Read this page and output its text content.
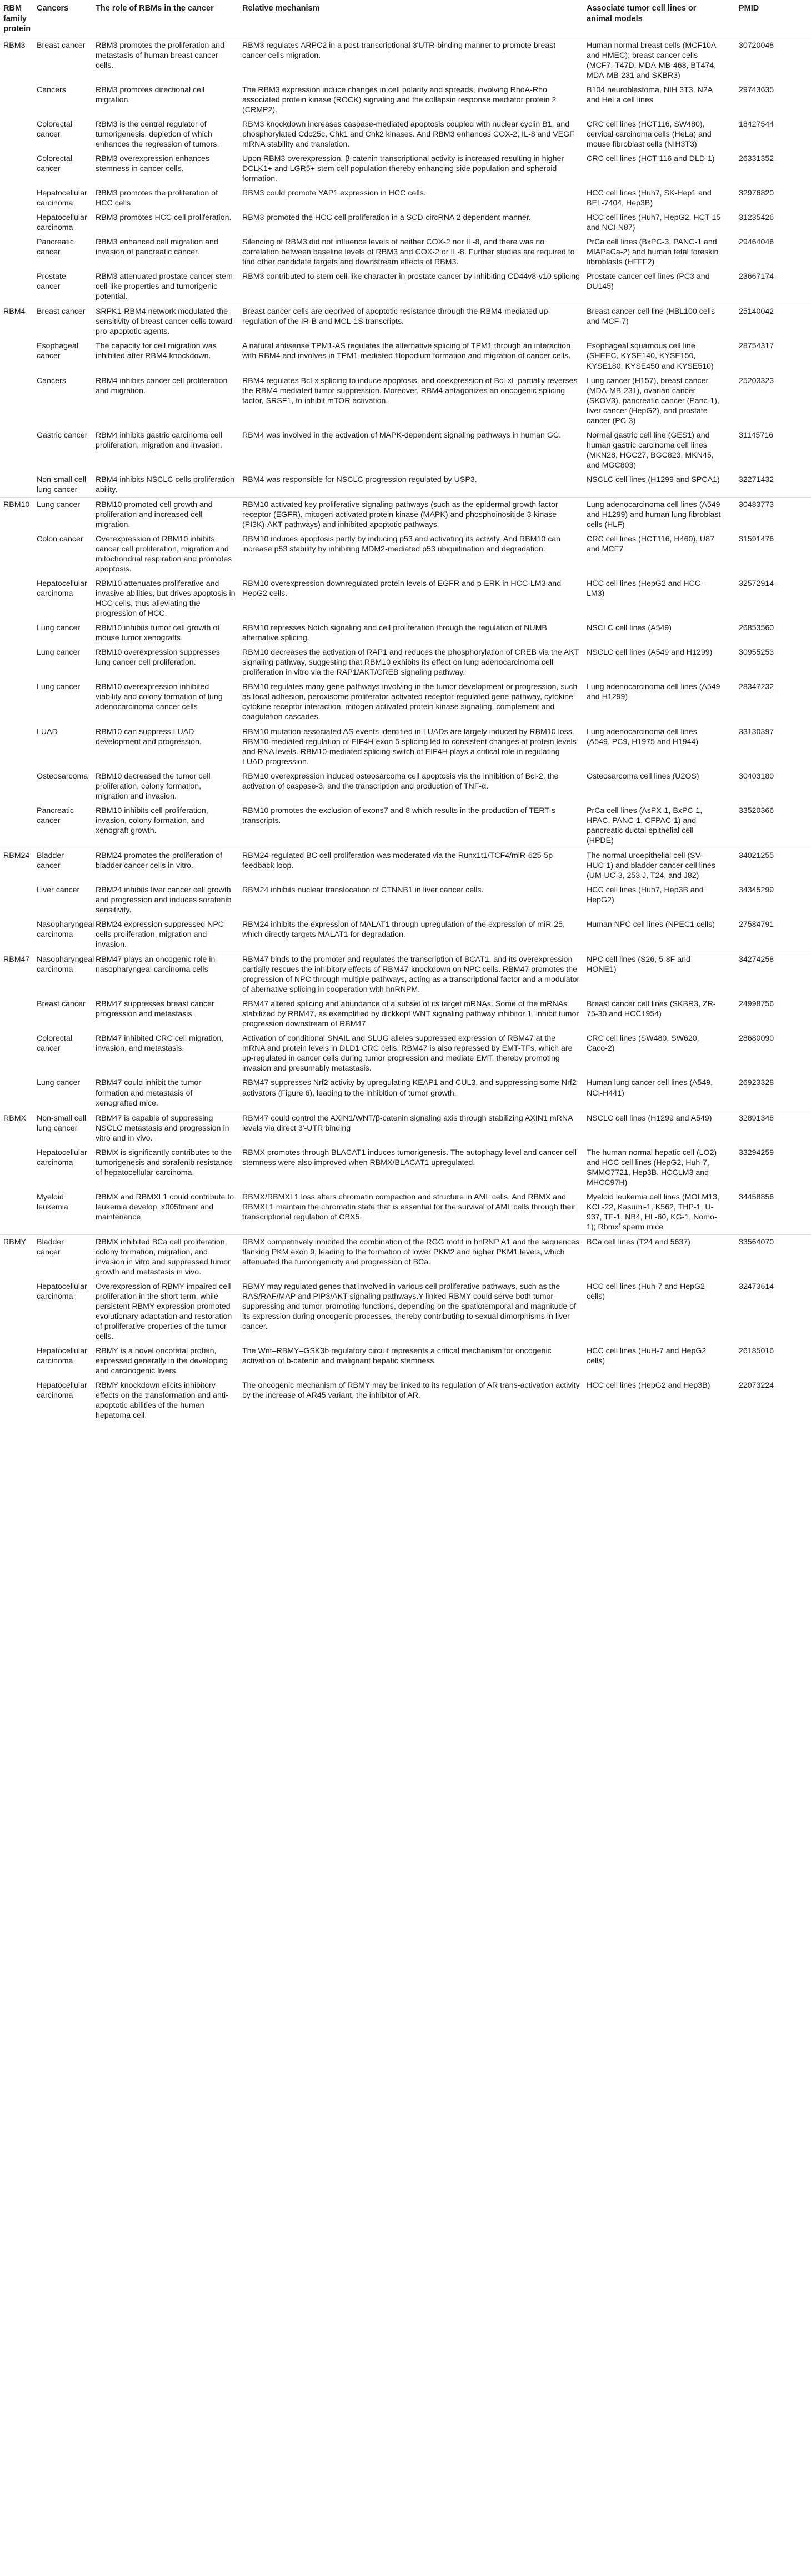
RBM family protein	Cancers	The role of RBMs in the cancer	Relative mechanism	Associate tumor cell lines or animal models	PMID
RBM3	Breast cancer	RBM3 promotes the proliferation and metastasis of human breast cancer cells.	RBM3 regulates ARPC2 in a post-transcriptional 3'UTR-binding manner to promote breast cancer cells migration.	Human normal breast cells (MCF10A and HMEC); breast cancer cells (MCF7, T47D, MDA-MB-468, BT474, MDA-MB-231 and SKBR3)	30720048
	Cancers	RBM3 promotes directional cell migration.	The RBM3 expression induce changes in cell polarity and spreads, involving RhoA-Rho associated protein kinase (ROCK) signaling and the collapsin response mediator protein 2 (CRMP2).	B104 neuroblastoma, NIH 3T3, N2A and HeLa cell lines	29743635
	Colorectal cancer	RBM3 is the central regulator of tumorigenesis, depletion of which enhances the regression of tumors.	RBM3 knockdown increases caspase-mediated apoptosis coupled with nuclear cyclin B1, and phosphorylated Cdc25c, Chk1 and Chk2 kinases. And RBM3 enhances COX-2, IL-8 and VEGF mRNA stability and translation.	CRC cell lines (HCT116, SW480), cervical carcinoma cells (HeLa) and mouse fibroblast cells (NIH3T3)	18427544
	Colorectal cancer	RBM3 overexpression enhances stemness in cancer cells.	Upon RBM3 overexpression, β-catenin transcriptional activity is increased resulting in higher DCLK1+ and LGR5+ stem cell population thereby enhancing side population and spheroid formation.	CRC cell lines (HCT 116 and DLD-1)	26331352
	Hepatocellular carcinoma	RBM3 promotes the proliferation of HCC cells	RBM3 could promote YAP1 expression in HCC cells.	HCC cell lines (Huh7, SK-Hep1 and BEL-7404, Hep3B)	32976820
	Hepatocellular carcinoma	RBM3 promotes HCC cell proliferation.	RBM3 promoted the HCC cell proliferation in a SCD-circRNA 2 dependent manner.	HCC cell lines (Huh7, HepG2, HCT-15 and NCI-N87)	31235426
	Pancreatic cancer	RBM3 enhanced cell migration and invasion of pancreatic cancer.	Silencing of RBM3 did not influence levels of neither COX-2 nor IL-8, and there was no correlation between baseline levels of RBM3 and COX-2 or IL-8. Further studies are required to find other candidate targets and downstream effects of RBM3.	PrCa cell lines (BxPC-3, PANC-1 and MIAPaCa-2) and human fetal foreskin fibroblasts (HFFF2)	29464046
	Prostate cancer	RBM3 attenuated prostate cancer stem cell-like properties and tumorigenic potential.	RBM3 contributed to stem cell-like character in prostate cancer by inhibiting CD44v8-v10 splicing	Prostate cancer cell lines (PC3 and DU145)	23667174
RBM4	Breast cancer	SRPK1-RBM4 network modulated the sensitivity of breast cancer cells toward pro-apoptotic agents.	Breast cancer cells are deprived of apoptotic resistance through the RBM4-mediated up-regulation of the IR-B and MCL-1S transcripts.	Breast cancer cell line (HBL100 cells and MCF-7)	25140042
	Esophageal cancer	The capacity for cell migration was inhibited after RBM4 knockdown.	A natural antisense TPM1-AS regulates the alternative splicing of TPM1 through an interaction with RBM4 and involves in TPM1-mediated filopodium formation and migration of cancer cells.	Esophageal squamous cell line (SHEEC, KYSE140, KYSE150, KYSE180, KYSE450 and KYSE510)	28754317
	Cancers	RBM4 inhibits cancer cell proliferation and migration.	RBM4 regulates Bcl-x splicing to induce apoptosis, and coexpression of Bcl-xL partially reverses the RBM4-mediated tumor suppression. Moreover, RBM4 antagonizes an oncogenic splicing factor, SRSF1, to inhibit mTOR activation.	Lung cancer (H157), breast cancer (MDA-MB-231), ovarian cancer (SKOV3), pancreatic cancer (Panc-1), liver cancer (HepG2), and prostate cancer (PC-3)	25203323
	Gastric cancer	RBM4 inhibits gastric carcinoma cell proliferation, migration and invasion.	RBM4 was involved in the activation of MAPK-dependent signaling pathways in human GC.	Normal gastric cell line (GES1) and human gastric carcinoma cell lines (MKN28, HGC27, BGC823, MKN45, and MGC803)	31145716
	Non-small cell lung cancer	RBM4 inhibits NSCLC cells proliferation ability.	RBM4 was responsible for NSCLC progression regulated by USP3.	NSCLC cell lines (H1299 and SPCA1)	32271432
RBM10	Lung cancer	RBM10 promoted cell growth and proliferation and increased cell migration.	RBM10 activated key proliferative signaling pathways (such as the epidermal growth factor receptor (EGFR), mitogen-activated protein kinase (MAPK) and phosphoinositide 3-kinase (PI3K)-AKT pathways) and inhibited apoptotic pathways.	Lung adenocarcinoma cell lines (A549 and H1299) and human lung fibroblast cells (HLF)	30483773
	Colon cancer	Overexpression of RBM10 inhibits cancer cell proliferation, migration and mitochondrial respiration and promotes apoptosis.	RBM10 induces apoptosis partly by inducing p53 and activating its activity. And RBM10 can increase p53 stability by inhibiting MDM2-mediated p53 ubiquitination and degradation.	CRC cell lines (HCT116, H460), U87 and MCF7	31591476
	Hepatocellular carcinoma	RBM10 attenuates proliferative and invasive abilities, but drives apoptosis in HCC cells, thus alleviating the progression of HCC.	RBM10 overexpression downregulated protein levels of EGFR and p-ERK in HCC-LM3 and HepG2 cells.	HCC cell lines (HepG2 and HCC-LM3)	32572914
	Lung cancer	RBM10 inhibits tumor cell growth of mouse tumor xenografts	RBM10 represses Notch signaling and cell proliferation through the regulation of NUMB alternative splicing.	NSCLC cell lines (A549)	26853560
	Lung cancer	RBM10 overexpression suppresses lung cancer cell proliferation.	RBM10 decreases the activation of RAP1 and reduces the phosphorylation of CREB via the AKT signaling pathway, suggesting that RBM10 exhibits its effect on lung adenocarcinoma cell proliferation in vitro via the RAP1/AKT/CREB signaling pathway.	NSCLC cell lines (A549 and H1299)	30955253
	Lung cancer	RBM10 overexpression inhibited viability and colony formation of lung adenocarcinoma cancer cells	RBM10 regulates many gene pathways involving in the tumor development or progression, such as focal adhesion, peroxisome proliferator-activated receptor-regulated gene pathway, cytokine-cytokine receptor interaction, mitogen-activated protein kinase signaling, complement and coagulation cascades.	Lung adenocarcinoma cell lines (A549 and H1299)	28347232
	LUAD	RBM10 can suppress LUAD development and progression.	RBM10 mutation-associated AS events identified in LUADs are largely induced by RBM10 loss. RBM10-mediated regulation of EIF4H exon 5 splicing led to consistent changes at protein levels and RNA levels. RBM10-mediated splicing switch of EIF4H plays a critical role in regulating LUAD progression.	Lung adenocarcinoma cell lines (A549, PC9, H1975 and H1944)	33130397
	Osteosarcoma	RBM10 decreased the tumor cell proliferation, colony formation, migration and invasion.	RBM10 overexpression induced osteosarcoma cell apoptosis via the inhibition of Bcl-2, the activation of caspase-3, and the transcription and production of TNF-α.	Osteosarcoma cell lines (U2OS)	30403180
	Pancreatic cancer	RBM10 inhibits cell proliferation, invasion, colony formation, and xenograft growth.	RBM10 promotes the exclusion of exons7 and 8 which results in the production of TERT-s transcripts.	PrCa cell lines (AsPX-1, BxPC-1, HPAC, PANC-1, CFPAC-1) and pancreatic ductal epithelial cell (HPDE)	33520366
RBM24	Bladder cancer	RBM24 promotes the proliferation of bladder cancer cells in vitro.	RBM24-regulated BC cell proliferation was moderated via the Runx1t1/TCF4/miR-625-5p feedback loop.	The normal uroepithelial cell (SV-HUC-1) and bladder cancer cell lines (UM-UC-3, 253 J, T24, and J82)	34021255
	Liver cancer	RBM24 inhibits liver cancer cell growth and progression and induces sorafenib sensitivity.	RBM24 inhibits nuclear translocation of CTNNB1 in liver cancer cells.	HCC cell lines (Huh7, Hep3B and HepG2)	34345299
	Nasopharyngeal carcinoma	RBM24 expression suppressed NPC cells proliferation, migration and invasion.	RBM24 inhibits the expression of MALAT1 through upregulation of the expression of miR-25, which directly targets MALAT1 for degradation.	Human NPC cell lines (NPEC1 cells)	27584791
RBM47	Nasopharyngeal carcinoma	RBM47 plays an oncogenic role in nasopharyngeal carcinoma cells	RBM47 binds to the promoter and regulates the transcription of BCAT1, and its overexpression partially rescues the inhibitory effects of RBM47-knockdown on NPC cells. RBM47 promotes the progression of NPC through multiple pathways, acting as a transcriptional factor and a modulator of alternative splicing in cooperation with hnRNPM.	NPC cell lines (S26, 5-8F and HONE1)	34274258
	Breast cancer	RBM47 suppresses breast cancer progression and metastasis.	RBM47 altered splicing and abundance of a subset of its target mRNAs. Some of the mRNAs stabilized by RBM47, as exemplified by dickkopf WNT signaling pathway inhibitor 1, inhibit tumor progression downstream of RBM47	Breast cancer cell lines (SKBR3, ZR-75-30 and HCC1954)	24998756
	Colorectal cancer	RBM47 inhibited CRC cell migration, invasion, and metastasis.	Activation of conditional SNAIL and SLUG alleles suppressed expression of RBM47 at the mRNA and protein levels in DLD1 CRC cells. RBM47 is also repressed by EMT-TFs, which are up-regulated in cancer cells during tumor progression and mediate EMT, thereby promoting invasion and presumably metastasis.	CRC cell lines (SW480, SW620, Caco-2)	28680090
	Lung cancer	RBM47 could inhibit the tumor formation and metastasis of xenografted mice.	RBM47 suppresses Nrf2 activity by upregulating KEAP1 and CUL3, and suppressing some Nrf2 activators (Figure 6), leading to the inhibition of tumor growth.	Human lung cancer cell lines (A549, NCI-H441)	26923328
RBMX	Non-small cell lung cancer	RBM47 is capable of suppressing NSCLC metastasis and progression in vitro and in vivo.	RBM47 could control the AXIN1/WNT/β-catenin signaling axis through stabilizing AXIN1 mRNA levels via direct 3'-UTR binding	NSCLC cell lines (H1299 and A549)	32891348
	Hepatocellular carcinoma	RBMX is significantly contributes to the tumorigenesis and sorafenib resistance of hepatocellular carcinoma.	RBMX promotes through BLACAT1 induces tumorigenesis. The autophagy level and cancer cell stemness were also improved when RBMX/BLACAT1 upregulated.	The human normal hepatic cell (LO2) and HCC cell lines (HepG2, Huh-7, SMMC7721, Hep3B, HCCLM3 and MHCC97H)	33294259
	Myeloid leukemia	RBMX and RBMXL1 could contribute to leukemia develop_x005fment and maintenance.	RBMX/RBMXL1 loss alters chromatin compaction and structure in AML cells. And RBMX and RBMXL1 maintain the chromatin state that is essential for the survival of AML cells through their transcriptional regulation of CBX5.	Myeloid leukemia cell lines (MOLM13, KCL-22, Kasumi-1, K562, THP-1, U-937, TF-1, NB4, HL-60, KG-1, Nomo-1); Rbmxᶠ sperm mice	34458856
RBMY	Bladder cancer	RBMX inhibited BCa cell proliferation, colony formation, migration, and invasion in vitro and suppressed tumor growth and metastasis in vivo.	RBMX competitively inhibited the combination of the RGG motif in hnRNP A1 and the sequences flanking PKM exon 9, leading to the formation of lower PKM2 and higher PKM1 levels, which attenuated the tumorigenicity and progression of BCa.	BCa cell lines (T24 and 5637)	33564070
	Hepatocellular carcinoma	Overexpression of RBMY impaired cell proliferation in the short term, while persistent RBMY expression promoted evolutionary adaptation and restoration of proliferative properties of the tumor cells.	RBMY may regulated genes that involved in various cell proliferative pathways, such as the RAS/RAF/MAP and PIP3/AKT signaling pathways.Y-linked RBMY could serve both tumor-suppressing and tumor-promoting functions, depending on the spatiotemporal and magnitude of its expression during oncogenic processes, thereby contributing to sexual dimorphisms in liver cancer.	HCC cell lines (Huh-7 and HepG2 cells)	32473614
	Hepatocellular carcinoma	RBMY is a novel oncofetal protein, expressed generally in the developing and carcinogenic livers.	The Wnt–RBMY–GSK3b regulatory circuit represents a critical mechanism for oncogenic activation of b-catenin and malignant hepatic stemness.	HCC cell lines (HuH-7 and HepG2 cells)	26185016
	Hepatocellular carcinoma	RBMY knockdown elicits inhibitory effects on the transformation and anti-apoptotic abilities of the human hepatoma cell.	The oncogenic mechanism of RBMY may be linked to its regulation of AR trans-activation activity by the increase of AR45 variant, the inhibitor of AR.	HCC cell lines (HepG2 and Hep3B)	22073224
